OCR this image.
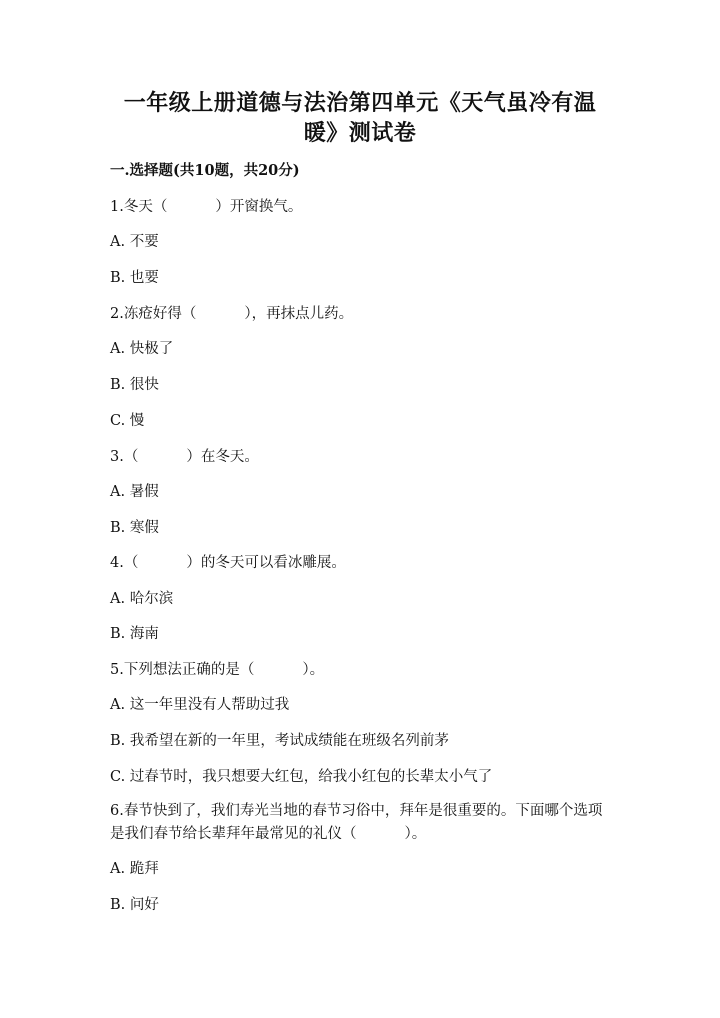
一年级上册道德与法治第四单元《天气虽冷有温
暖》测试卷
一.选择题(共10题，共20分)
1.冬天（	）开窗换气。
A. 不要
B. 也要
2.冻疮好得（	），再抹点儿药。
A. 快极了
B. 很快
C. 慢
3.（	）在冬天。
A. 暑假
B. 寒假
4.（	）的冬天可以看冰雕展。
A. 哈尔滨
B. 海南
5.下列想法正确的是（	）。
A. 这一年里没有人帮助过我
B. 我希望在新的一年里，考试成绩能在班级名列前茅
C. 过春节时，我只想要大红包，给我小红包的长辈太小气了
6.春节快到了，我们寿光当地的春节习俗中，拜年是很重要的。下面哪个选项是我们春节给长辈拜年最常见的礼仪（	）。
A. 跪拜
B. 问好
